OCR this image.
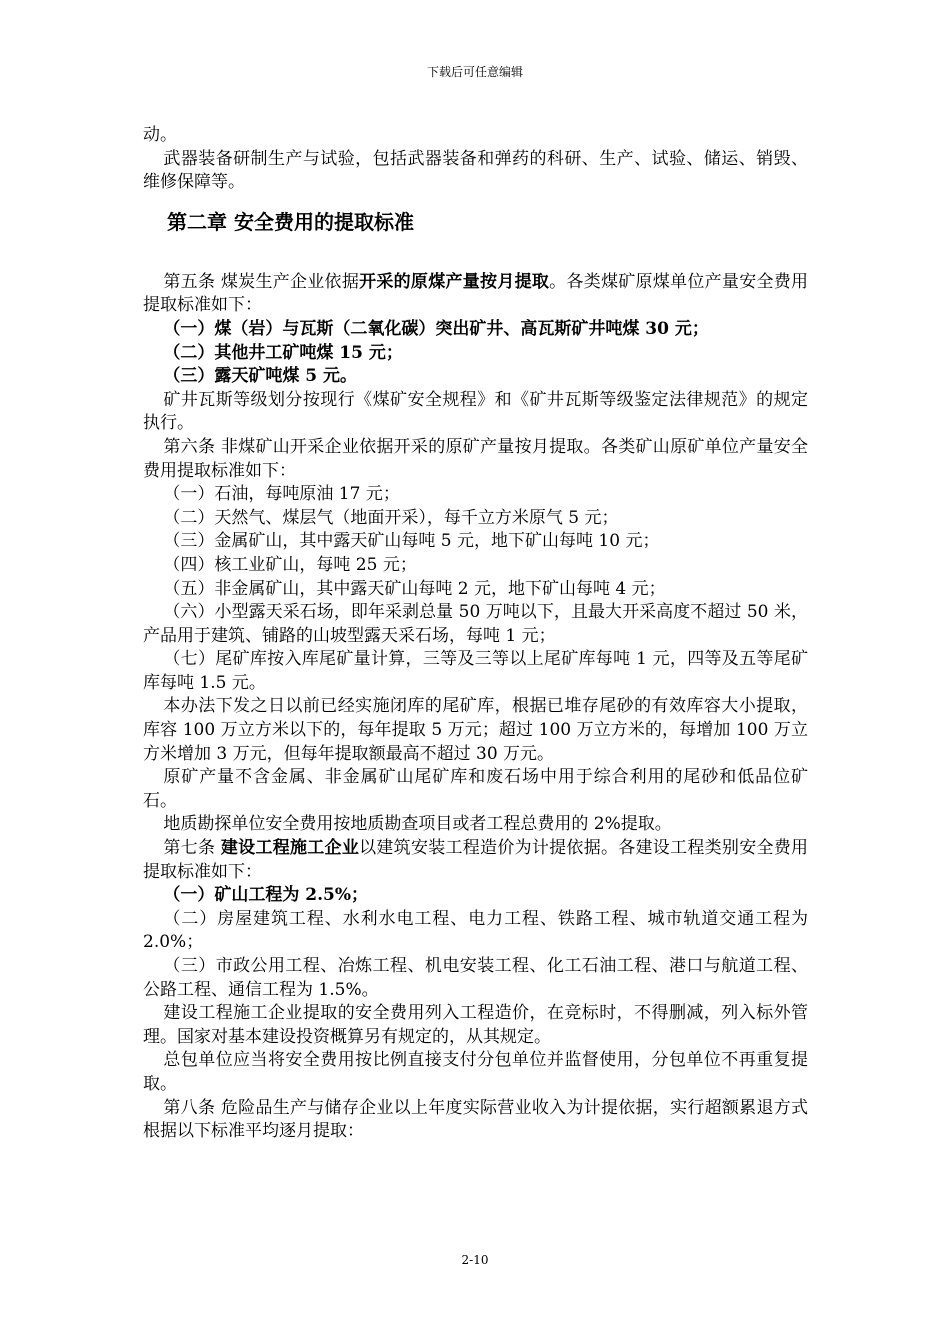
下载后可任意编辑

动。

武器装备研制生产与试验，包括武器装备和弹药的科研、生产、试验、储运、销毁、维修保障等。

第二章 安全费用的提取标准

第五条 煤炭生产企业依据开采的原煤产量按月提取。各类煤矿原煤单位产量安全费用提取标准如下：

（一）煤（岩）与瓦斯（二氧化碳）突出矿井、高瓦斯矿井吨煤 30 元；

（二）其他井工矿吨煤 15 元；

（三）露天矿吨煤 5 元。

矿井瓦斯等级划分按现行《煤矿安全规程》和《矿井瓦斯等级鉴定法律规范》的规定执行。

第六条 非煤矿山开采企业依据开采的原矿产量按月提取。各类矿山原矿单位产量安全费用提取标准如下：

（一）石油，每吨原油 17 元；

（二）天然气、煤层气（地面开采），每千立方米原气 5 元；

（三）金属矿山，其中露天矿山每吨 5 元，地下矿山每吨 10 元；

（四）核工业矿山，每吨 25 元；

（五）非金属矿山，其中露天矿山每吨 2 元，地下矿山每吨 4 元；

（六）小型露天采石场，即年采剥总量 50 万吨以下，且最大开采高度不超过 50 米，产品用于建筑、铺路的山坡型露天采石场，每吨 1 元；

（七）尾矿库按入库尾矿量计算，三等及三等以上尾矿库每吨 1 元，四等及五等尾矿库每吨 1.5 元。

本办法下发之日以前已经实施闭库的尾矿库，根据已堆存尾砂的有效库容大小提取，库容 100 万立方米以下的，每年提取 5 万元；超过 100 万立方米的，每增加 100 万立方米增加 3 万元，但每年提取额最高不超过 30 万元。

原矿产量不含金属、非金属矿山尾矿库和废石场中用于综合利用的尾砂和低品位矿石。

地质勘探单位安全费用按地质勘查项目或者工程总费用的 2%提取。

第七条 建设工程施工企业以建筑安装工程造价为计提依据。各建设工程类别安全费用提取标准如下：

（一）矿山工程为 2.5%；

（二）房屋建筑工程、水利水电工程、电力工程、铁路工程、城市轨道交通工程为 2.0%；

（三）市政公用工程、冶炼工程、机电安装工程、化工石油工程、港口与航道工程、公路工程、通信工程为 1.5%。

建设工程施工企业提取的安全费用列入工程造价，在竞标时，不得删减，列入标外管理。国家对基本建设投资概算另有规定的，从其规定。

总包单位应当将安全费用按比例直接支付分包单位并监督使用，分包单位不再重复提取。

第八条 危险品生产与储存企业以上年度实际营业收入为计提依据，实行超额累退方式根据以下标准平均逐月提取：

2-10
